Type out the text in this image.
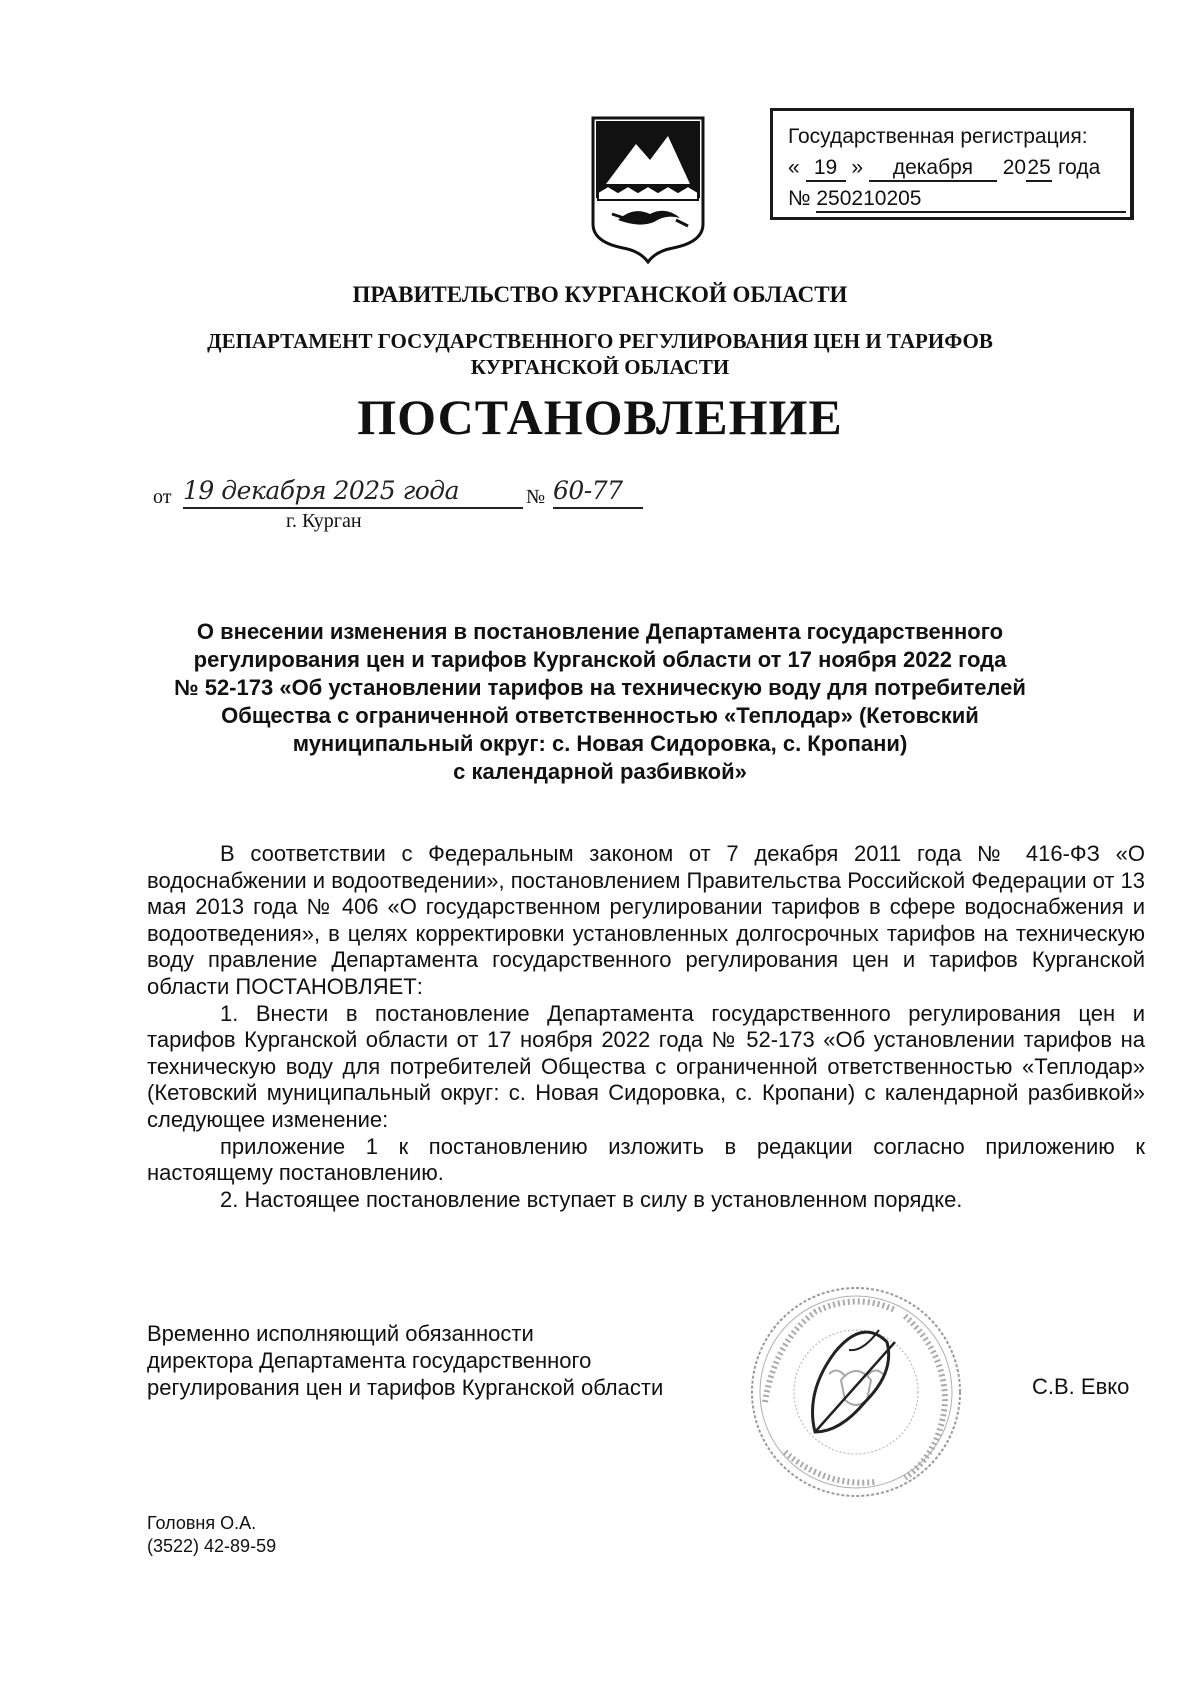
Государственная регистрация:
« 19 » декабря 2025 года
№ 250210205
ПРАВИТЕЛЬСТВО КУРГАНСКОЙ ОБЛАСТИ
ДЕПАРТАМЕНТ ГОСУДАРСТВЕННОГО РЕГУЛИРОВАНИЯ ЦЕН И ТАРИФОВ
КУРГАНСКОЙ ОБЛАСТИ
ПОСТАНОВЛЕНИЕ
от 19 декабря 2025 года	№ 60-77
г. Курган
О внесении изменения в постановление Департамента государственного
регулирования цен и тарифов Курганской области от 17 ноября 2022 года
№ 52-173 «Об установлении тарифов на техническую воду для потребителей
Общества с ограниченной ответственностью «Теплодар» (Кетовский
муниципальный округ: с. Новая Сидоровка, с. Кропани)
с календарной разбивкой»

В соответствии с Федеральным законом от 7 декабря 2011 года № 416-ФЗ «О водоснабжении и водоотведении», постановлением Правительства Российской Федерации от 13 мая 2013 года № 406 «О государственном регулировании тарифов в сфере водоснабжения и водоотведения», в целях корректировки установленных долгосрочных тарифов на техническую воду правление Департамента государственного регулирования цен и тарифов Курганской области ПОСТАНОВЛЯЕТ:

1. Внести в постановление Департамента государственного регулирования цен и тарифов Курганской области от 17 ноября 2022 года № 52-173 «Об установлении тарифов на техническую воду для потребителей Общества с ограниченной ответственностью «Теплодар» (Кетовский муниципальный округ: с. Новая Сидоровка, с. Кропани) с календарной разбивкой» следующее изменение:

приложение 1 к постановлению изложить в редакции согласно приложению к настоящему постановлению.

2. Настоящее постановление вступает в силу в установленном порядке.

Временно исполняющий обязанности
директора Департамента государственного
регулирования цен и тарифов Курганской области	С.В. Евко
Головня О.А.
(3522) 42-89-59
